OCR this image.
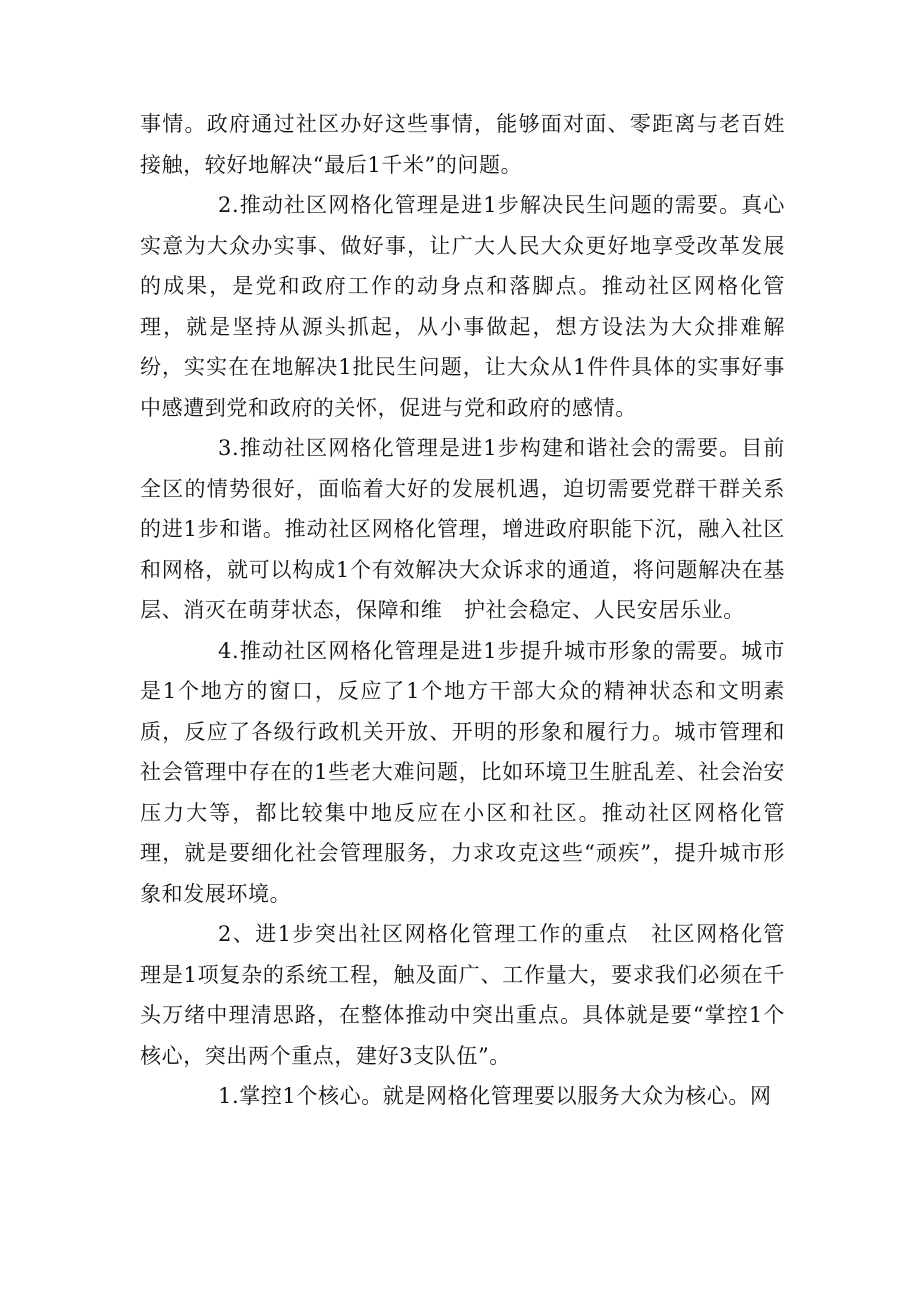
事情。政府通过社区办好这些事情，能够面对面、零距离与老百姓接触，较好地解决“最后1千米”的问题。

2.推动社区网格化管理是进1步解决民生问题的需要。真心实意为大众办实事、做好事，让广大人民大众更好地享受改革发展的成果，是党和政府工作的动身点和落脚点。推动社区网格化管理，就是坚持从源头抓起，从小事做起，想方设法为大众排难解纷，实实在在地解决1批民生问题，让大众从1件件具体的实事好事中感遭到党和政府的关怀，促进与党和政府的感情。

3.推动社区网格化管理是进1步构建和谐社会的需要。目前全区的情势很好，面临着大好的发展机遇，迫切需要党群干群关系的进1步和谐。推动社区网格化管理，增进政府职能下沉，融入社区和网格，就可以构成1个有效解决大众诉求的通道，将问题解决在基层、消灭在萌芽状态，保障和维　护社会稳定、人民安居乐业。

4.推动社区网格化管理是进1步提升城市形象的需要。城市是1个地方的窗口，反应了1个地方干部大众的精神状态和文明素质，反应了各级行政机关开放、开明的形象和履行力。城市管理和社会管理中存在的1些老大难问题，比如环境卫生脏乱差、社会治安压力大等，都比较集中地反应在小区和社区。推动社区网格化管理，就是要细化社会管理服务，力求攻克这些“顽疾”，提升城市形象和发展环境。

2、进1步突出社区网格化管理工作的重点　社区网格化管理是1项复杂的系统工程，触及面广、工作量大，要求我们必须在千头万绪中理清思路，在整体推动中突出重点。具体就是要“掌控1个核心，突出两个重点，建好3支队伍”。

1.掌控1个核心。就是网格化管理要以服务大众为核心。网
